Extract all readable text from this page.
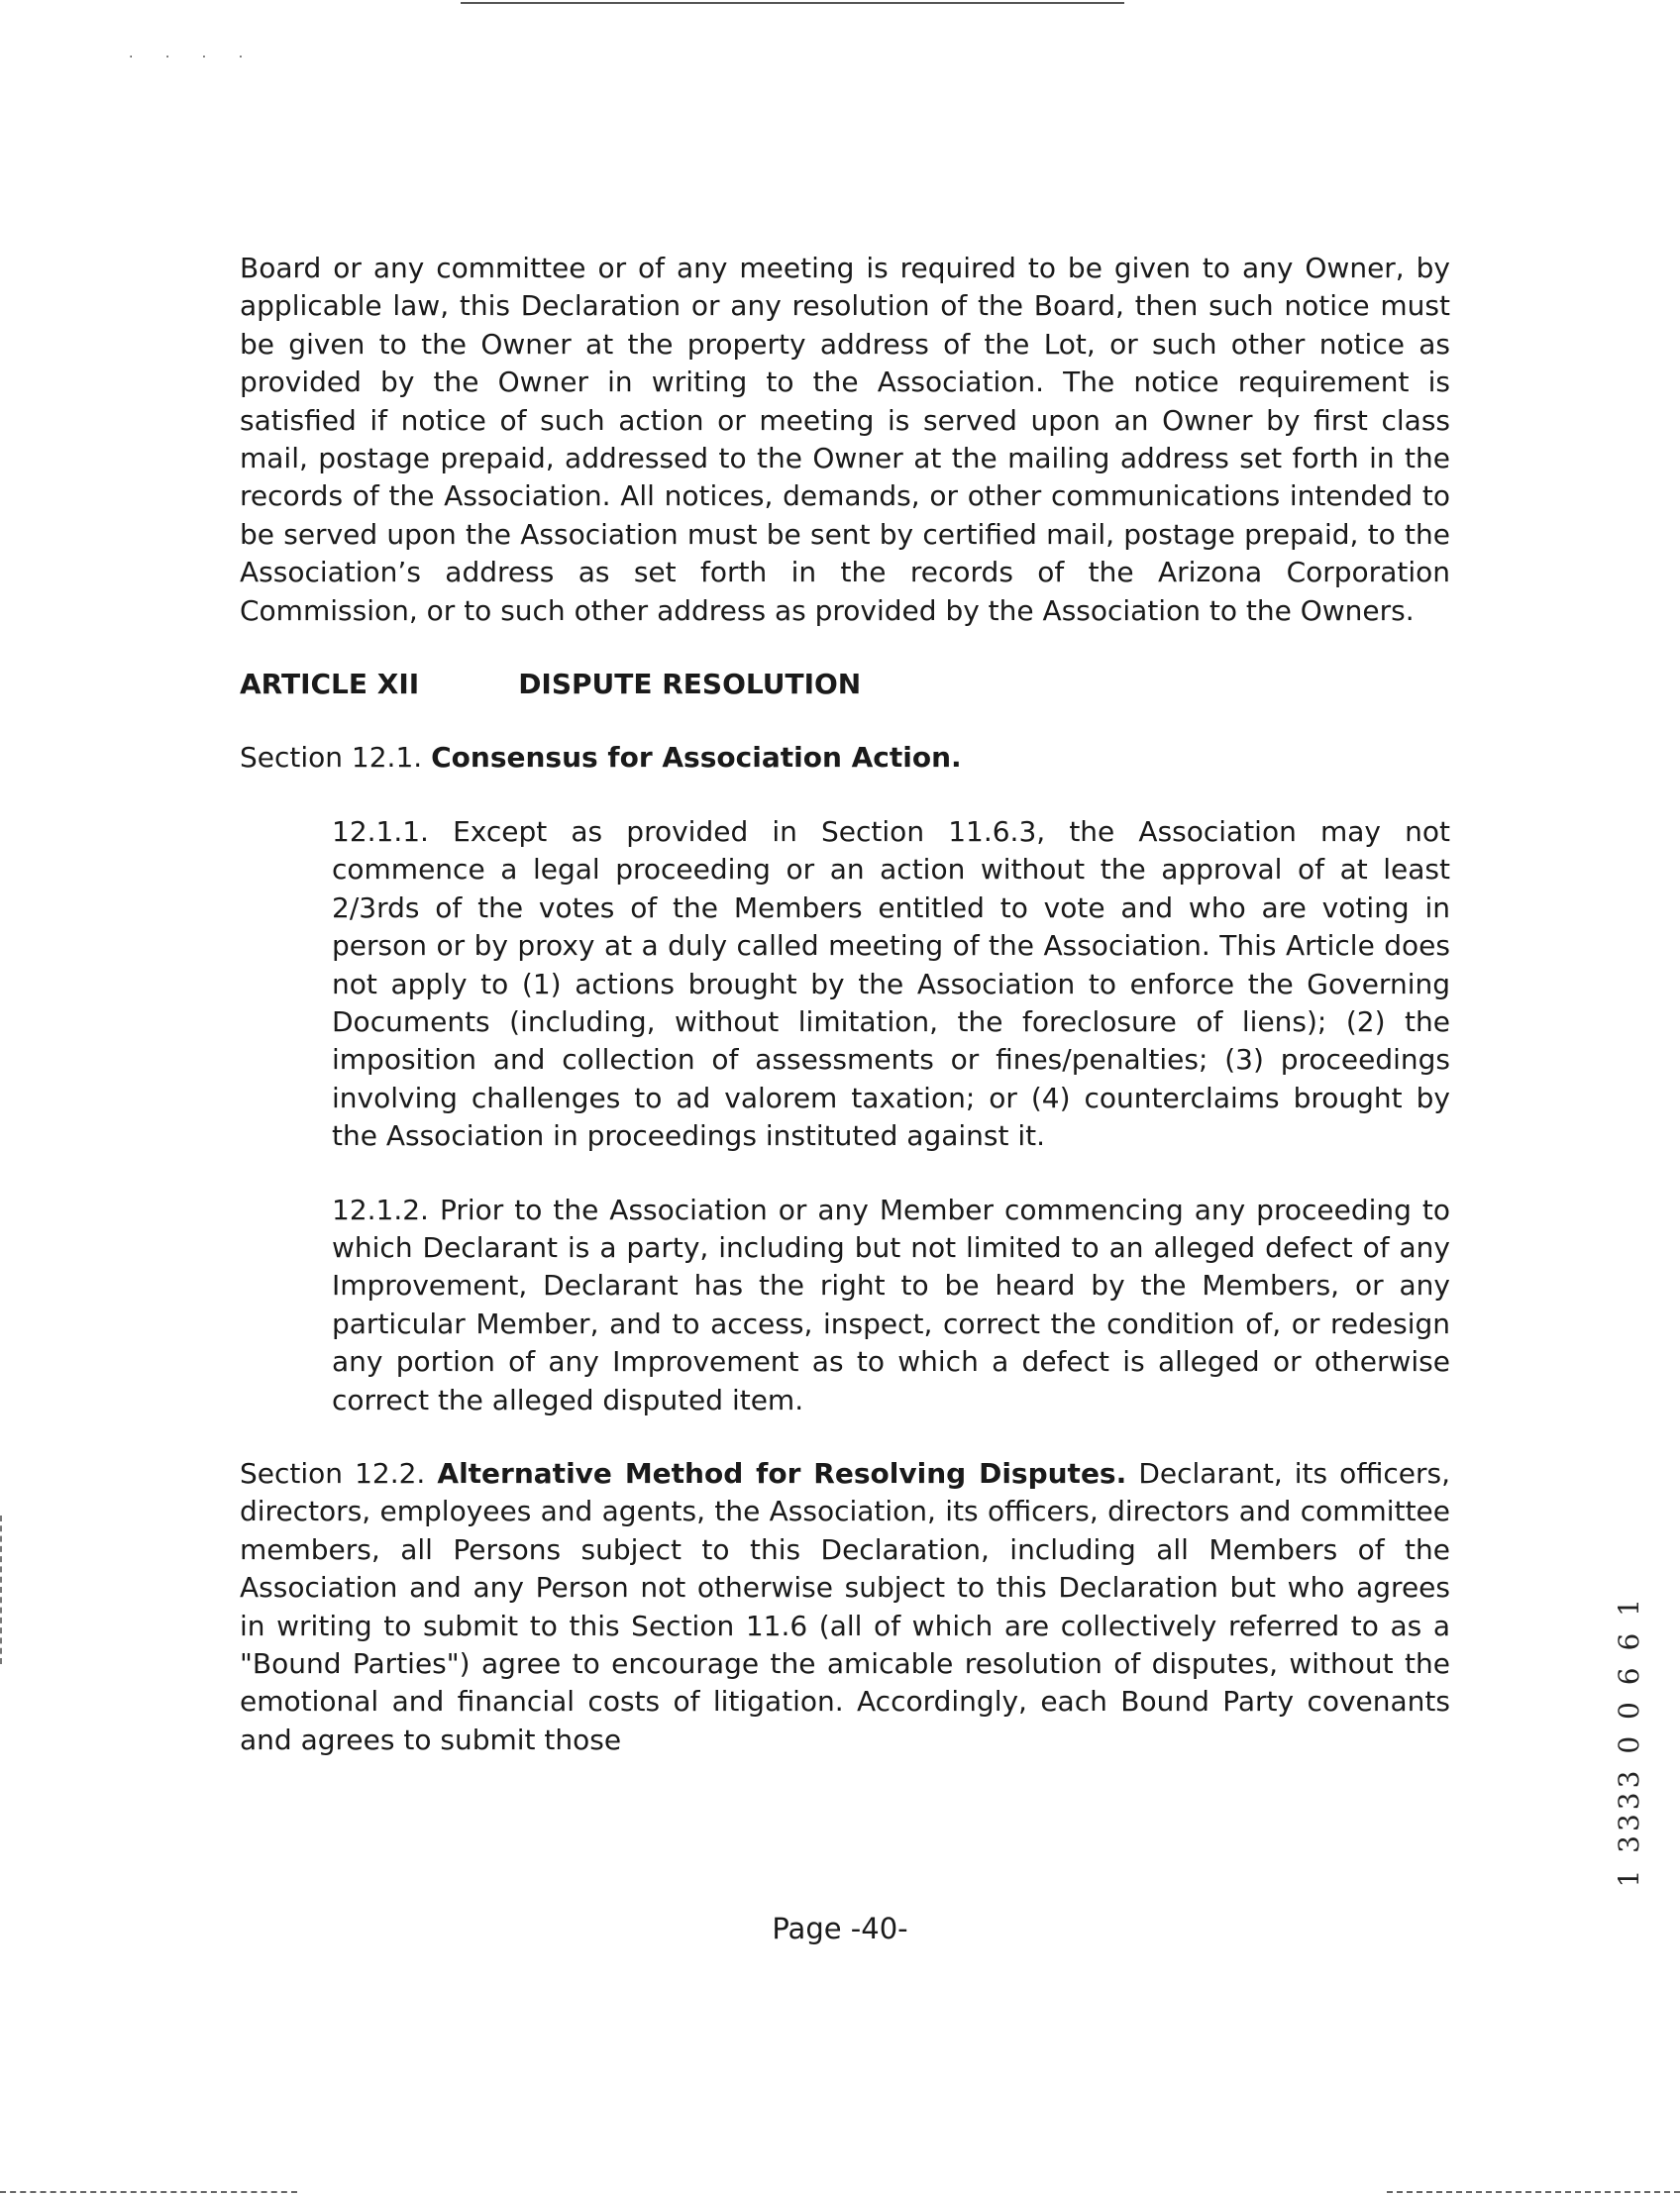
· · · ·

Board or any committee or of any meeting is required to be given to any Owner, by applicable law, this Declaration or any resolution of the Board, then such notice must be given to the Owner at the property address of the Lot, or such other notice as provided by the Owner in writing to the Association. The notice requirement is satisfied if notice of such action or meeting is served upon an Owner by first class mail, postage prepaid, addressed to the Owner at the mailing address set forth in the records of the Association. All notices, demands, or other communications intended to be served upon the Association must be sent by certified mail, postage prepaid, to the Association’s address as set forth in the records of the Arizona Corporation Commission, or to such other address as provided by the Association to the Owners.

ARTICLE XII	DISPUTE RESOLUTION

Section 12.1. Consensus for Association Action.

12.1.1. Except as provided in Section 11.6.3, the Association may not commence a legal proceeding or an action without the approval of at least 2/3rds of the votes of the Members entitled to vote and who are voting in person or by proxy at a duly called meeting of the Association. This Article does not apply to (1) actions brought by the Association to enforce the Governing Documents (including, without limitation, the foreclosure of liens); (2) the imposition and collection of assessments or fines/penalties; (3) proceedings involving challenges to ad valorem taxation; or (4) counterclaims brought by the Association in proceedings instituted against it.

12.1.2. Prior to the Association or any Member commencing any proceeding to which Declarant is a party, including but not limited to an alleged defect of any Improvement, Declarant has the right to be heard by the Members, or any particular Member, and to access, inspect, correct the condition of, or redesign any portion of any Improvement as to which a defect is alleged or otherwise correct the alleged disputed item.

Section 12.2. Alternative Method for Resolving Disputes. Declarant, its officers, directors, employees and agents, the Association, its officers, directors and committee members, all Persons subject to this Declaration, including all Members of the Association and any Person not otherwise subject to this Declaration but who agrees in writing to submit to this Section 11.6 (all of which are collectively referred to as a "Bound Parties") agree to encourage the amicable resolution of disputes, without the emotional and financial costs of litigation. Accordingly, each Bound Party covenants and agrees to submit those

Page -40-
1 3333 0 0 6 6 1
